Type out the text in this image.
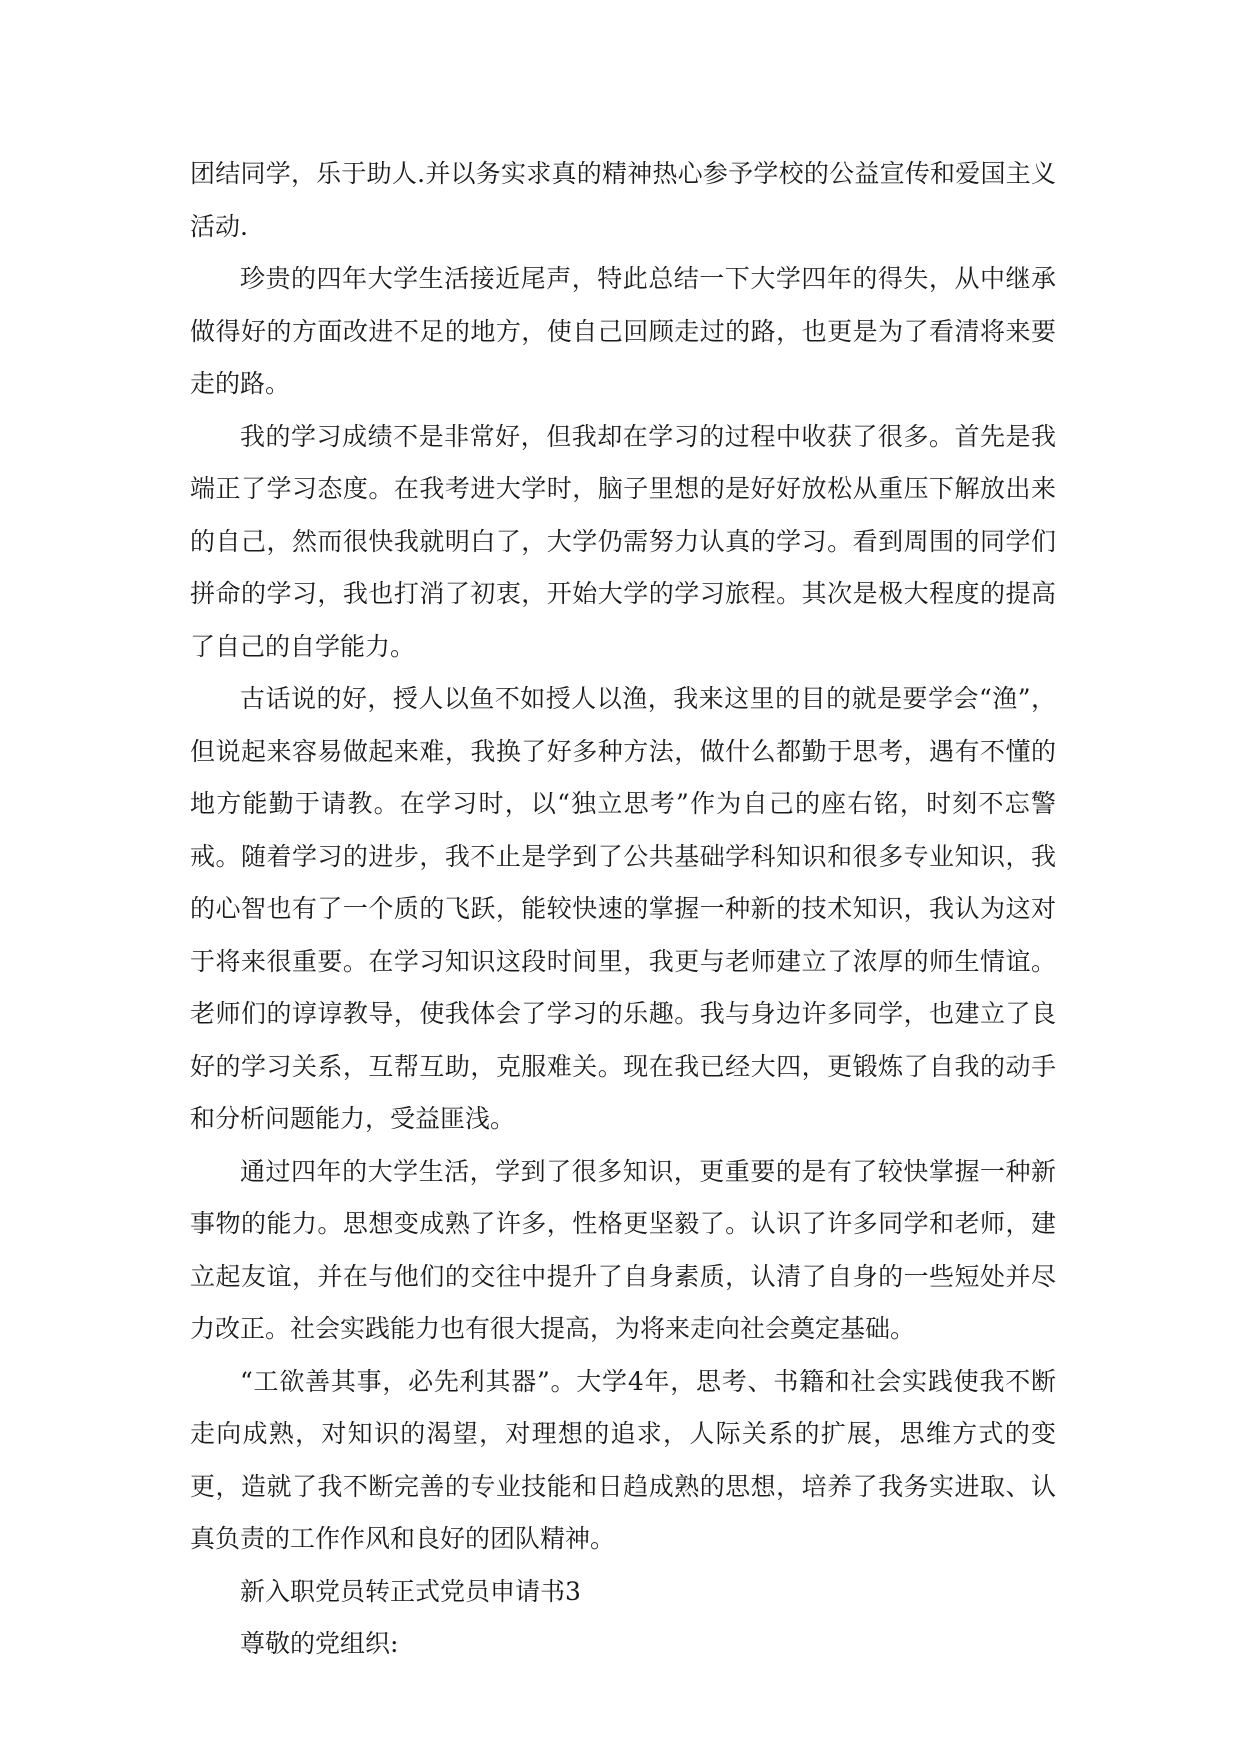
团结同学，乐于助人.并以务实求真的精神热心参予学校的公益宣传和爱国主义活动.

珍贵的四年大学生活接近尾声，特此总结一下大学四年的得失，从中继承做得好的方面改进不足的地方，使自己回顾走过的路，也更是为了看清将来要走的路。

我的学习成绩不是非常好，但我却在学习的过程中收获了很多。首先是我端正了学习态度。在我考进大学时，脑子里想的是好好放松从重压下解放出来的自己，然而很快我就明白了，大学仍需努力认真的学习。看到周围的同学们拼命的学习，我也打消了初衷，开始大学的学习旅程。其次是极大程度的提高了自己的自学能力。

古话说的好，授人以鱼不如授人以渔，我来这里的目的就是要学会“渔”，但说起来容易做起来难，我换了好多种方法，做什么都勤于思考，遇有不懂的地方能勤于请教。在学习时，以“独立思考”作为自己的座右铭，时刻不忘警戒。随着学习的进步，我不止是学到了公共基础学科知识和很多专业知识，我的心智也有了一个质的飞跃，能较快速的掌握一种新的技术知识，我认为这对于将来很重要。在学习知识这段时间里，我更与老师建立了浓厚的师生情谊。老师们的谆谆教导，使我体会了学习的乐趣。我与身边许多同学，也建立了良好的学习关系，互帮互助，克服难关。现在我已经大四，更锻炼了自我的动手和分析问题能力，受益匪浅。

通过四年的大学生活，学到了很多知识，更重要的是有了较快掌握一种新事物的能力。思想变成熟了许多，性格更坚毅了。认识了许多同学和老师，建立起友谊，并在与他们的交往中提升了自身素质，认清了自身的一些短处并尽力改正。社会实践能力也有很大提高，为将来走向社会奠定基础。

“工欲善其事，必先利其器”。大学4年，思考、书籍和社会实践使我不断走向成熟，对知识的渴望，对理想的追求，人际关系的扩展，思维方式的变更，造就了我不断完善的专业技能和日趋成熟的思想，培养了我务实进取、认真负责的工作作风和良好的团队精神。

新入职党员转正式党员申请书3

尊敬的党组织:
